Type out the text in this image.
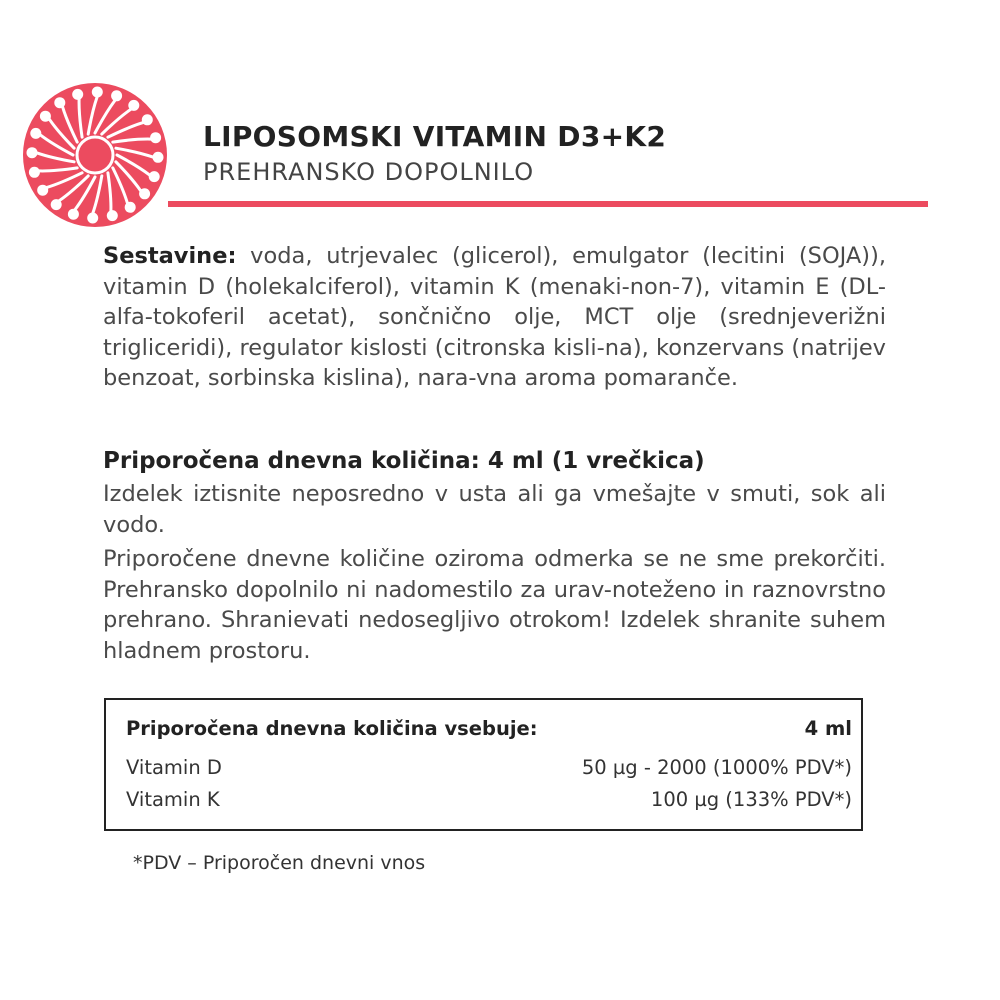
LIPOSOMSKI VITAMIN D3+K2
PREHRANSKO DOPOLNILO

Sestavine: voda, utrjevalec (glicerol), emulgator (lecitini (SOJA)), vitamin D (holekalciferol), vitamin K (menaki-non-7), vitamin E (DL-alfa-tokoferil acetat), sončnično olje, MCT olje (srednjeverižni trigliceridi), regulator kislosti (citronska kisli-na), konzervans (natrijev benzoat, sorbinska kislina), nara-vna aroma pomaranče.

Priporočena dnevna količina: 4 ml (1 vrečkica)

Izdelek iztisnite neposredno v usta ali ga vmešajte v smuti, sok ali vodo.

Priporočene dnevne količine oziroma odmerka se ne sme prekorčiti. Prehransko dopolnilo ni nadomestilo za urav-noteženo in raznovrstno prehrano. Shranievati nedosegljivo otrokom! Izdelek shranite suhem hladnem prostoru.

Priporočena dnevna količina vsebuje:	4 ml
Vitamin D	50 µg - 2000 (1000% PDV*)
Vitamin K	100 µg (133% PDV*)
*PDV – Priporočen dnevni vnos
